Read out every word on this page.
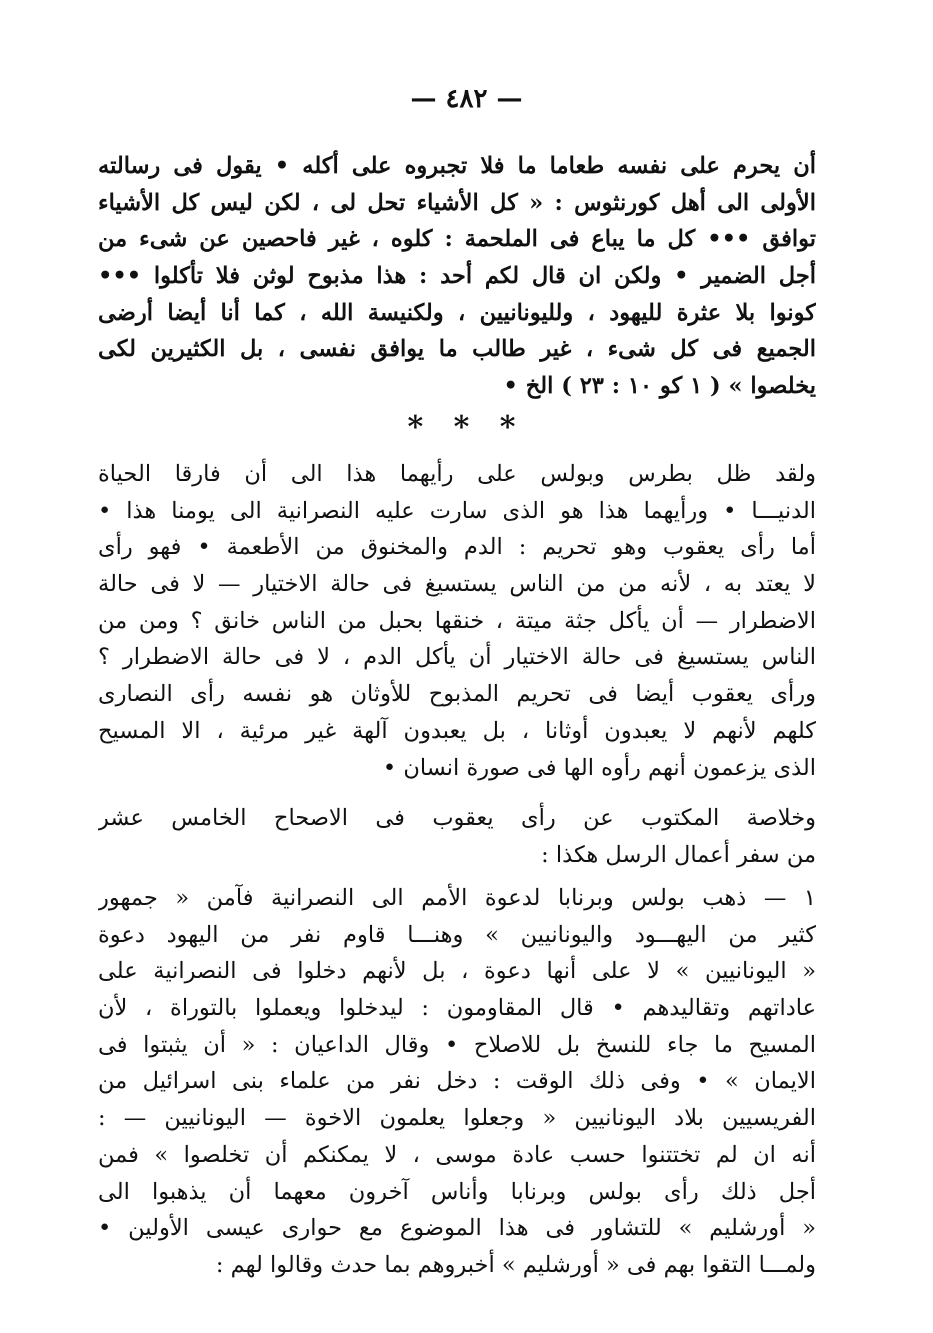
— ٤٨٢ —
أن يحرم على نفسه طعاما ما فلا تجبروه على أكله • يقول فى رسالته
الأولى الى أهل كورنثوس : « كل الأشياء تحل لى ، لكن ليس كل الأشياء
توافق ••• كل ما يباع فى الملحمة : كلوه ، غير فاحصين عن شىء من
أجل الضمير • ولكن ان قال لكم أحد : هذا مذبوح لوثن فلا تأكلوا •••
كونوا بلا عثرة لليهود ، ولليونانيين ، ولكنيسة الله ، كما أنا أيضا أرضى
الجميع فى كل شىء ، غير طالب ما يوافق نفسى ، بل الكثيرين لكى
يخلصوا » ( ١ كو ١٠ : ٢٣ ) الخ •
* * *
ولقد ظل بطرس وبولس على رأيهما هذا الى أن فارقا الحياة
الدنيـــا • ورأيهما هذا هو الذى سارت عليه النصرانية الى يومنا هذا •
أما رأى يعقوب وهو تحريم : الدم والمخنوق من الأطعمة • فهو رأى
لا يعتد به ، لأنه من من الناس يستسيغ فى حالة الاختيار — لا فى حالة
الاضطرار — أن يأكل جثة ميتة ، خنقها بحبل من الناس خانق ؟ ومن من
الناس يستسيغ فى حالة الاختيار أن يأكل الدم ، لا فى حالة الاضطرار ؟
ورأى يعقوب أيضا فى تحريم المذبوح للأوثان هو نفسه رأى النصارى
كلهم لأنهم لا يعبدون أوثانا ، بل يعبدون آلهة غير مرئية ، الا المسيح
الذى يزعمون أنهم رأوه الها فى صورة انسان •
وخلاصة المكتوب عن رأى يعقوب فى الاصحاح الخامس عشر
من سفر أعمال الرسل هكذا :
١ — ذهب بولس وبرنابا لدعوة الأمم الى النصرانية فآمن « جمهور
كثير من اليهـــود واليونانيين » وهنـــا قاوم نفر من اليهود دعوة
« اليونانيين » لا على أنها دعوة ، بل لأنهم دخلوا فى النصرانية على
عاداتهم وتقاليدهم • قال المقاومون : ليدخلوا ويعملوا بالتوراة ، لأن
المسيح ما جاء للنسخ بل للاصلاح • وقال الداعيان : « أن يثبتوا فى
الايمان » • وفى ذلك الوقت : دخل نفر من علماء بنى اسرائيل من
الفريسيين بلاد اليونانيين « وجعلوا يعلمون الاخوة — اليونانيين — :
أنه ان لم تختتنوا حسب عادة موسى ، لا يمكنكم أن تخلصوا » فمن
أجل ذلك رأى بولس وبرنابا وأناس آخرون معهما أن يذهبوا الى
« أورشليم » للتشاور فى هذا الموضوع مع حوارى عيسى الأولين •
ولمـــا التقوا بهم فى « أورشليم » أخبروهم بما حدث وقالوا لهم :
